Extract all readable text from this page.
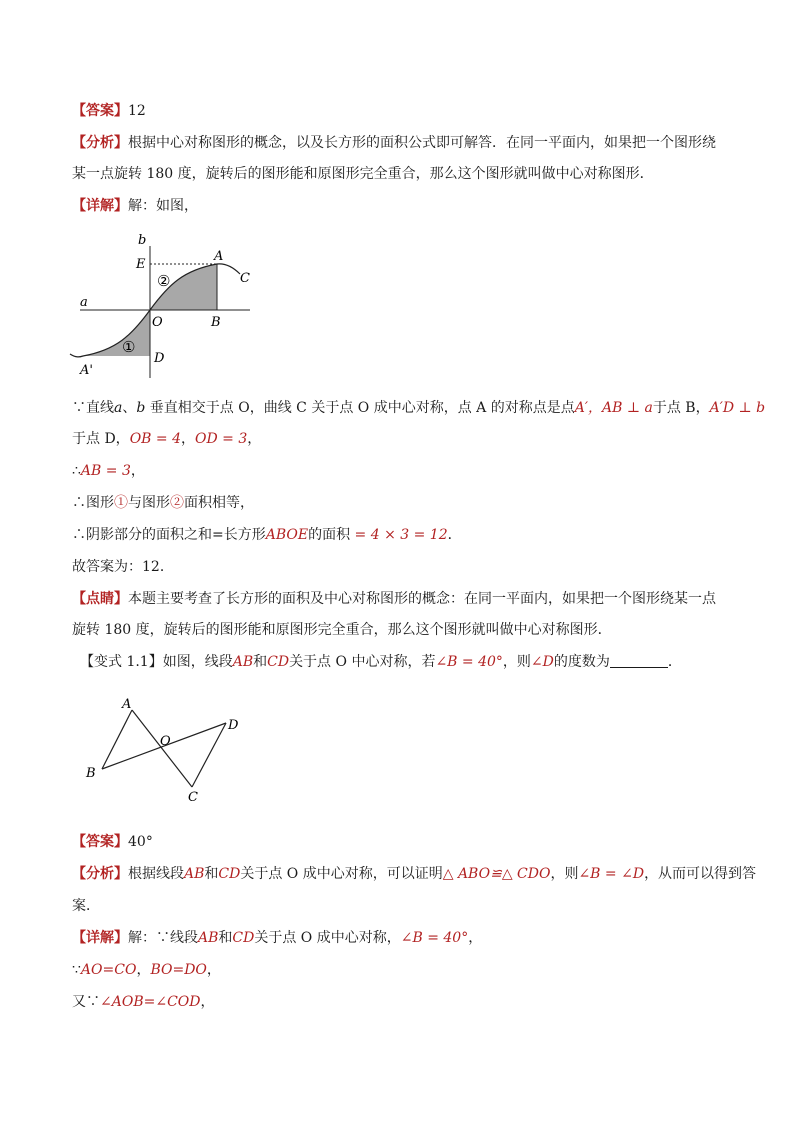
【答案】12
【分析】根据中心对称图形的概念，以及长方形的面积公式即可解答．在同一平面内，如果把一个图形绕
某一点旋转 180 度，旋转后的图形能和原图形完全重合，那么这个图形就叫做中心对称图形．
【详解】解：如图，
b
E
A
C
a
O	B
D
A'
②
①
∵直线a、b 垂直相交于点 O，曲线 C 关于点 O 成中心对称，点 A 的对称点是点A′，AB ⊥ a于点 B，A′D ⊥ b
于点 D，OB = 4，OD = 3，
∴AB = 3，
∴图形①与图形②面积相等，
∴阴影部分的面积之和=长方形ABOE的面积 = 4 × 3 = 12．
故答案为：12．
【点睛】本题主要考查了长方形的面积及中心对称图形的概念：在同一平面内，如果把一个图形绕某一点
旋转 180 度，旋转后的图形能和原图形完全重合，那么这个图形就叫做中心对称图形．
【变式 1.1】如图，线段AB和CD关于点 O 中心对称，若∠B = 40°，则∠D的度数为	．
A
B
O
D
C
【答案】40°
【分析】根据线段AB和CD关于点 O 成中心对称，可以证明△ ABO≌△ CDO，则∠B = ∠D，从而可以得到答
案．
【详解】解：∵线段AB和CD关于点 O 成中心对称，∠B = 40°，
∵AO=CO，BO=DO，
又∵∠AOB=∠COD，
